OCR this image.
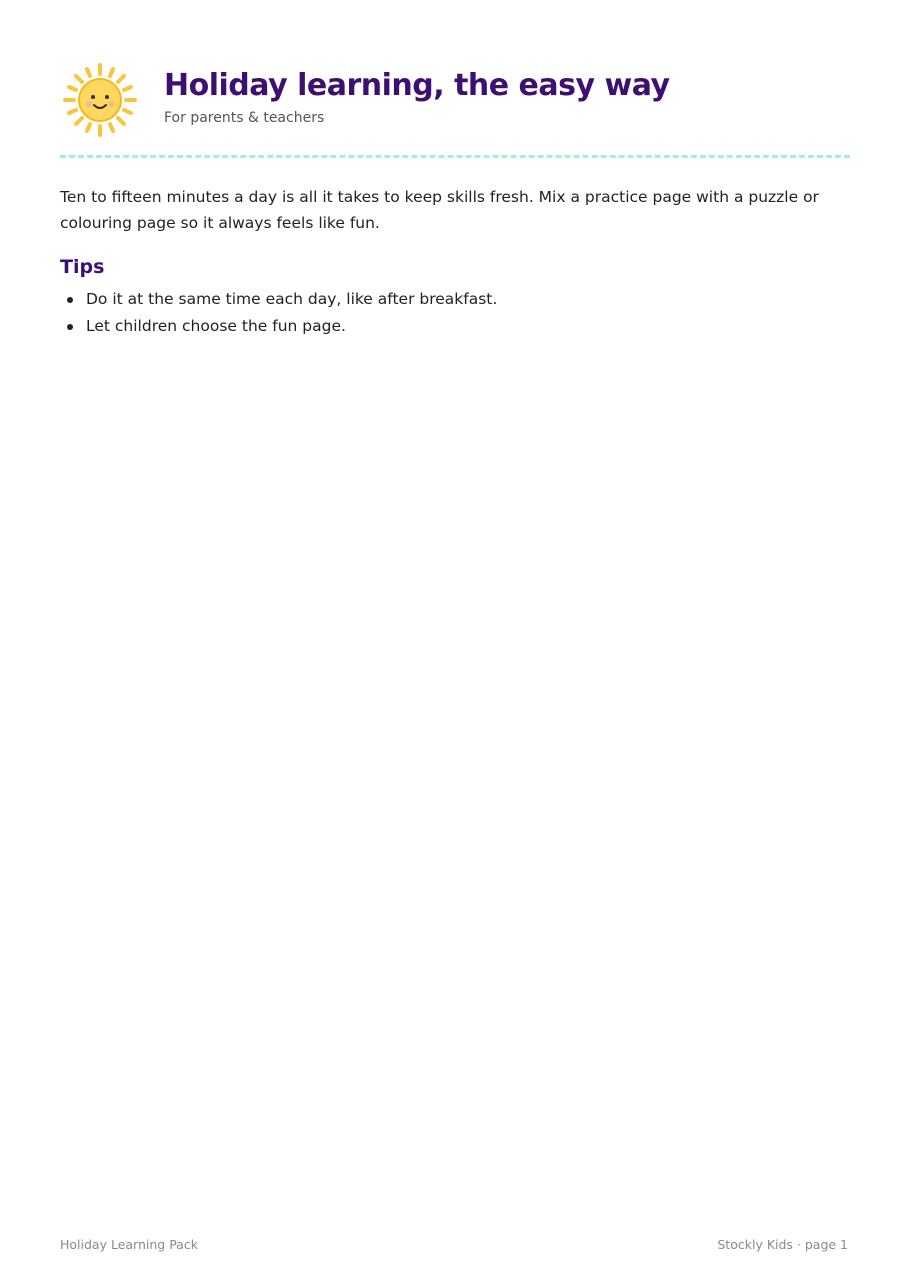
Holiday learning, the easy way
For parents & teachers

Ten to fifteen minutes a day is all it takes to keep skills fresh. Mix a practice page with a puzzle or colouring page so it always feels like fun.

Tips
Do it at the same time each day, like after breakfast.
Let children choose the fun page.
Holiday Learning Pack	Stockly Kids · page 1
